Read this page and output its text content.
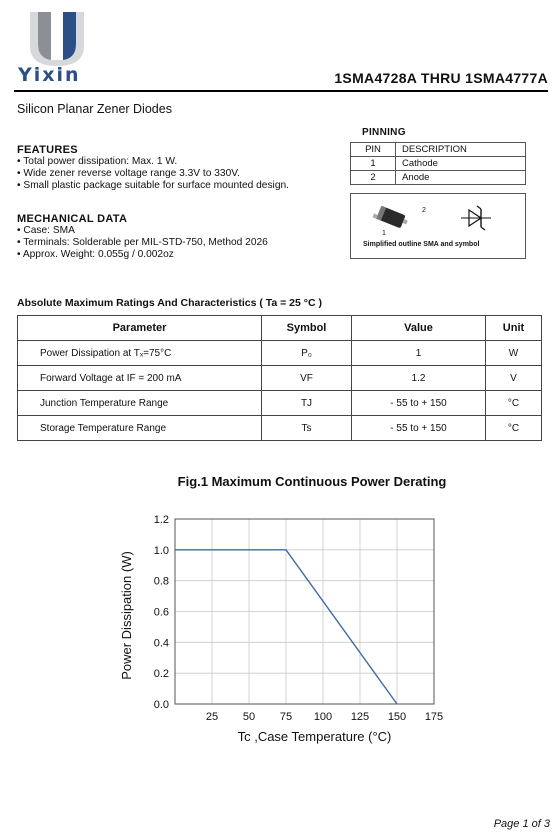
Yixin	1SMA4728A THRU 1SMA4777A
Silicon Planar Zener Diodes
FEATURES
• Total power dissipation: Max. 1 W.
• Wide zener reverse voltage range 3.3V to 330V.
• Small plastic package suitable for surface mounted design.
MECHANICAL DATA
• Case: SMA
• Terminals: Solderable per MIL-STD-750, Method 2026
• Approx. Weight: 0.055g / 0.002oz
PINNING
PIN	DESCRIPTION
1	Cathode
2	Anode
2
1
Simplified outline SMA and symbol
Absolute Maximum Ratings And Characteristics ( Ta = 25 °C )
Parameter	Symbol	Value	Unit
Power Dissipation at Tₓ=75°C	P₀	1	W
Forward Voltage at IF = 200 mA	VF	1.2	V
Junction Temperature Range	TJ	- 55 to + 150	°C
Storage Temperature Range	Ts	- 55 to + 150	°C
Fig.1 Maximum Continuous Power Derating
25 50 75 100 125 150 175
0.0
0.2
0.4
0.6
0.8
1.0
1.2
Tc ,Case Temperature (°C)
Power Dissipation (W)
Page 1 of 3
